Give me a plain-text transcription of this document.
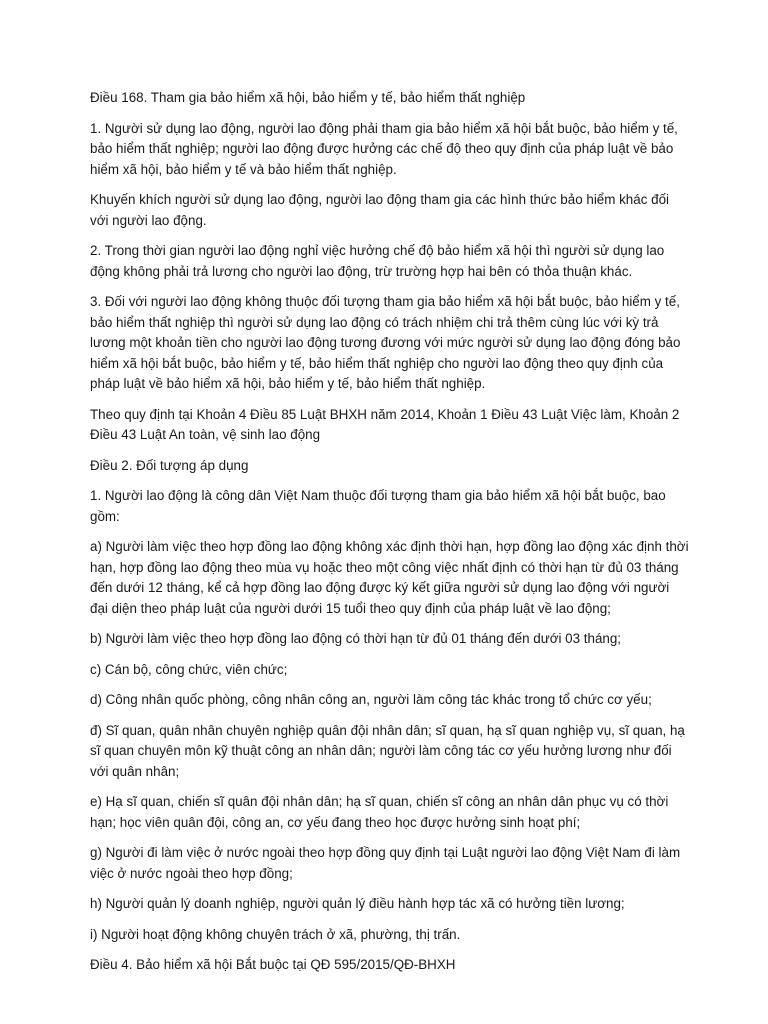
Điều 168. Tham gia bảo hiểm xã hội, bảo hiểm y tế, bảo hiểm thất nghiệp

1. Người sử dụng lao động, người lao động phải tham gia bảo hiểm xã hội bắt buộc, bảo hiểm y tế, bảo hiểm thất nghiệp; người lao động được hưởng các chế độ theo quy định của pháp luật về bảo hiểm xã hội, bảo hiểm y tế và bảo hiểm thất nghiệp.

Khuyến khích người sử dụng lao động, người lao động tham gia các hình thức bảo hiểm khác đối với người lao động.

2. Trong thời gian người lao động nghỉ việc hưởng chế độ bảo hiểm xã hội thì người sử dụng lao động không phải trả lương cho người lao động, trừ trường hợp hai bên có thỏa thuận khác.

3. Đối với người lao động không thuộc đối tượng tham gia bảo hiểm xã hội bắt buộc, bảo hiểm y tế, bảo hiểm thất nghiệp thì người sử dụng lao động có trách nhiệm chi trả thêm cùng lúc với kỳ trả lương một khoản tiền cho người lao động tương đương với mức người sử dụng lao động đóng bảo hiểm xã hội bắt buộc, bảo hiểm y tế, bảo hiểm thất nghiệp cho người lao động theo quy định của pháp luật về bảo hiểm xã hội, bảo hiểm y tế, bảo hiểm thất nghiệp.

Theo quy định tại Khoản 4 Điều 85 Luật BHXH năm 2014, Khoản 1 Điều 43 Luật Việc làm, Khoản 2 Điều 43 Luật An toàn, vệ sinh lao động

Điều 2. Đối tượng áp dụng

1. Người lao động là công dân Việt Nam thuộc đối tượng tham gia bảo hiểm xã hội bắt buộc, bao gồm:

a) Người làm việc theo hợp đồng lao động không xác định thời hạn, hợp đồng lao động xác định thời hạn, hợp đồng lao động theo mùa vụ hoặc theo một công việc nhất định có thời hạn từ đủ 03 tháng đến dưới 12 tháng, kể cả hợp đồng lao động được ký kết giữa người sử dụng lao động với người đại diện theo pháp luật của người dưới 15 tuổi theo quy định của pháp luật về lao động;

b) Người làm việc theo hợp đồng lao động có thời hạn từ đủ 01 tháng đến dưới 03 tháng;

c) Cán bộ, công chức, viên chức;

d) Công nhân quốc phòng, công nhân công an, người làm công tác khác trong tổ chức cơ yếu;

đ) Sĩ quan, quân nhân chuyên nghiệp quân đội nhân dân; sĩ quan, hạ sĩ quan nghiệp vụ, sĩ quan, hạ sĩ quan chuyên môn kỹ thuật công an nhân dân; người làm công tác cơ yếu hưởng lương như đối với quân nhân;

e) Hạ sĩ quan, chiến sĩ quân đội nhân dân; hạ sĩ quan, chiến sĩ công an nhân dân phục vụ có thời hạn; học viên quân đội, công an, cơ yếu đang theo học được hưởng sinh hoạt phí;

g) Người đi làm việc ở nước ngoài theo hợp đồng quy định tại Luật người lao động Việt Nam đi làm việc ở nước ngoài theo hợp đồng;

h) Người quản lý doanh nghiệp, người quản lý điều hành hợp tác xã có hưởng tiền lương;

i) Người hoạt động không chuyên trách ở xã, phường, thị trấn.

Điều 4. Bảo hiểm xã hội Bắt buộc tại QĐ 595/2015/QĐ-BHXH
